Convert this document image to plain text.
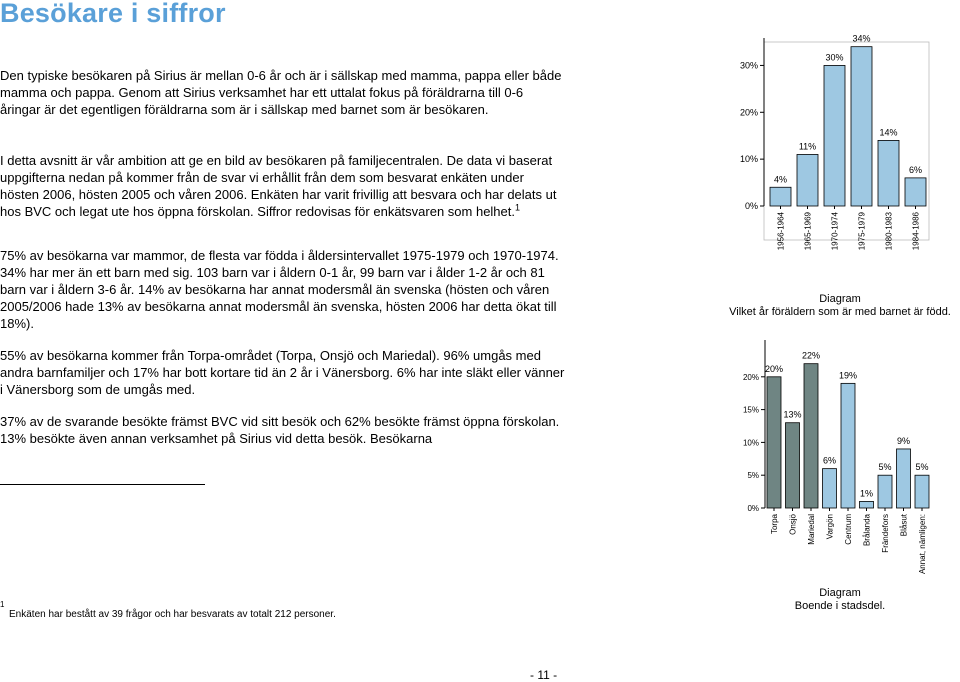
Besökare i siffror

Den typiske besökaren på Sirius är mellan 0-6 år och är i sällskap med mamma, pappa eller både mamma och pappa. Genom att Sirius verksamhet har ett uttalat fokus på föräldrarna till 0-6 åringar är det egentligen föräldrarna som är i sällskap med barnet som är besökaren.

I detta avsnitt är vår ambition att ge en bild av besökaren på familjecentralen. De data vi baserat uppgifterna nedan på kommer från de svar vi erhållit från dem som besvarat enkäten under hösten 2006, hösten 2005 och våren 2006. Enkäten har varit frivillig att besvara och har delats ut hos BVC och legat ute hos öppna förskolan. Siffror redovisas för enkätsvaren som helhet.$^1$

75% av besökarna var mammor, de flesta var födda i åldersintervallet 1975-1979 och 1970-1974. 34% har mer än ett barn med sig. 103 barn var i åldern 0-1 år, 99 barn var i ålder 1-2 år och 81 barn var i åldern 3-6 år. 14% av besökarna har annat modersmål än svenska (hösten och våren 2005/2006 hade 13% av besökarna annat modersmål än svenska, hösten 2006 har detta ökat till 18%).

55% av besökarna kommer från Torpa-området (Torpa, Onsjö och Mariedal). 96% umgås med andra barnfamiljer och 17% har bott kortare tid än 2 år i Vänersborg. 6% har inte släkt eller vänner i Vänersborg som de umgås med.

37% av de svarande besökte främst BVC vid sitt besök och 62% besökte främst öppna förskolan. 13% besökte även annan verksamhet på Sirius vid detta besök. Besökarna

1
Enkäten har bestått av 39 frågor och har besvarats av totalt 212 personer.
- 11 -
0%
10%
20%
30%
4%
1956-1964
11%
1965-1969
30%
1970-1974
34%
1975-1979
14%
1980-1983
6%
1984-1986
Diagram
Vilket år föräldern som är med barnet är född.
0%
5%
10%
15%
20%
20%
Torpa
13%
Onsjö
22%
Mariedal
6%
Vargön
19%
Centrum
1%
Brålanda
5%
Frändefors
9%
Blåsut
5%
Annat, nämligen:
Diagram
Boende i stadsdel.
